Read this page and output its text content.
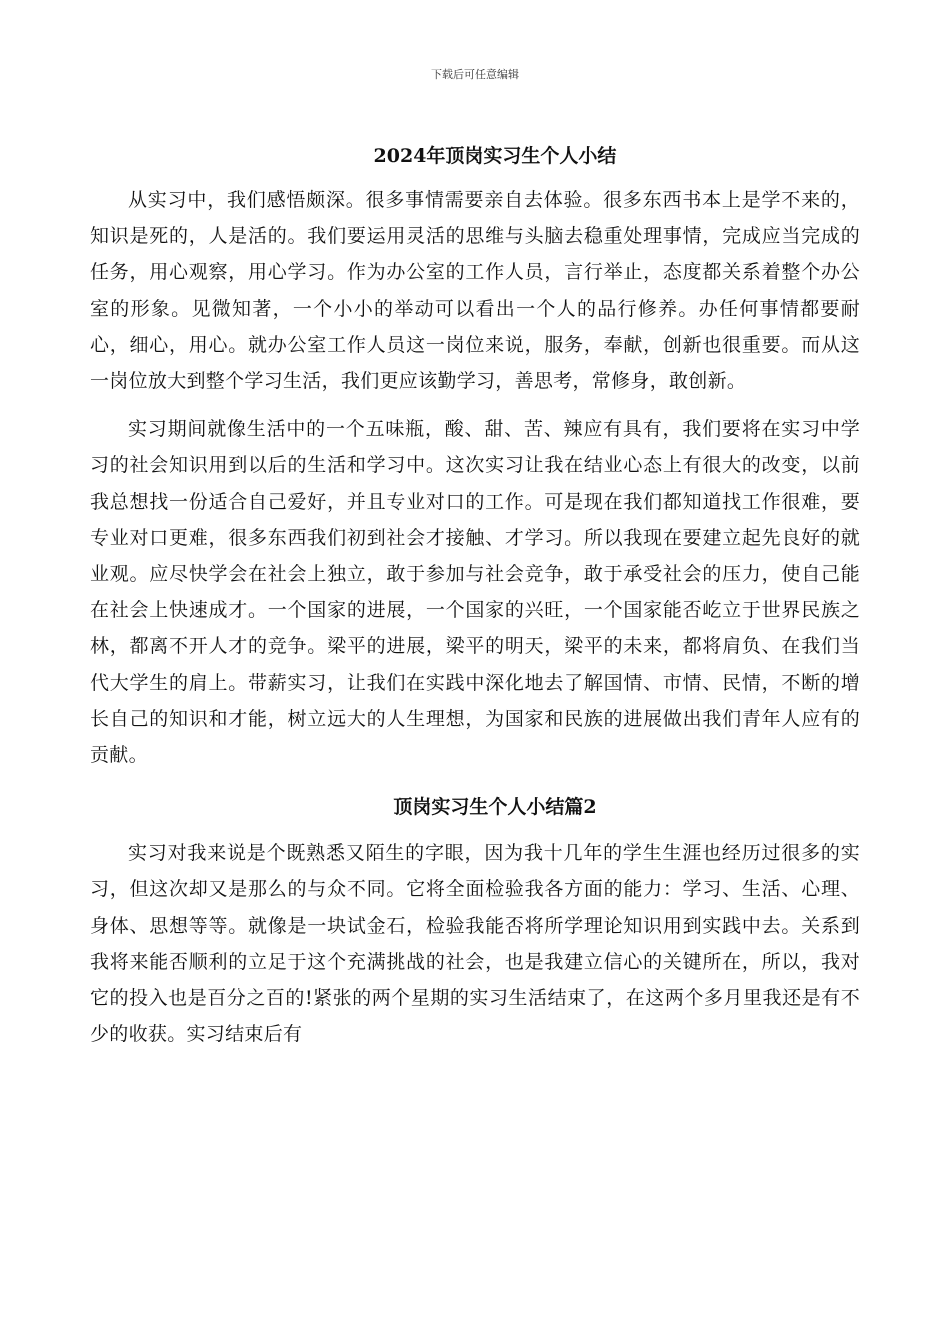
下载后可任意编辑
2024年顶岗实习生个人小结

从实习中，我们感悟颇深。很多事情需要亲自去体验。很多东西书本上是学不来的，知识是死的，人是活的。我们要运用灵活的思维与头脑去稳重处理事情，完成应当完成的任务，用心观察，用心学习。作为办公室的工作人员，言行举止，态度都关系着整个办公室的形象。见微知著，一个小小的举动可以看出一个人的品行修养。办任何事情都要耐心，细心，用心。就办公室工作人员这一岗位来说，服务，奉献，创新也很重要。而从这一岗位放大到整个学习生活，我们更应该勤学习，善思考，常修身，敢创新。

实习期间就像生活中的一个五味瓶，酸、甜、苦、辣应有具有，我们要将在实习中学习的社会知识用到以后的生活和学习中。这次实习让我在结业心态上有很大的改变，以前我总想找一份适合自己爱好，并且专业对口的工作。可是现在我们都知道找工作很难，要专业对口更难，很多东西我们初到社会才接触、才学习。所以我现在要建立起先良好的就业观。应尽快学会在社会上独立，敢于参加与社会竞争，敢于承受社会的压力，使自己能在社会上快速成才。一个国家的进展，一个国家的兴旺，一个国家能否屹立于世界民族之林，都离不开人才的竞争。梁平的进展，梁平的明天，梁平的未来，都将肩负、在我们当代大学生的肩上。带薪实习，让我们在实践中深化地去了解国情、市情、民情，不断的增长自己的知识和才能，树立远大的人生理想，为国家和民族的进展做出我们青年人应有的贡献。

顶岗实习生个人小结篇2

实习对我来说是个既熟悉又陌生的字眼，因为我十几年的学生生涯也经历过很多的实习，但这次却又是那么的与众不同。它将全面检验我各方面的能力：学习、生活、心理、身体、思想等等。就像是一块试金石，检验我能否将所学理论知识用到实践中去。关系到我将来能否顺利的立足于这个充满挑战的社会，也是我建立信心的关键所在，所以，我对它的投入也是百分之百的!紧张的两个星期的实习生活结束了，在这两个多月里我还是有不少的收获。实习结束后有
